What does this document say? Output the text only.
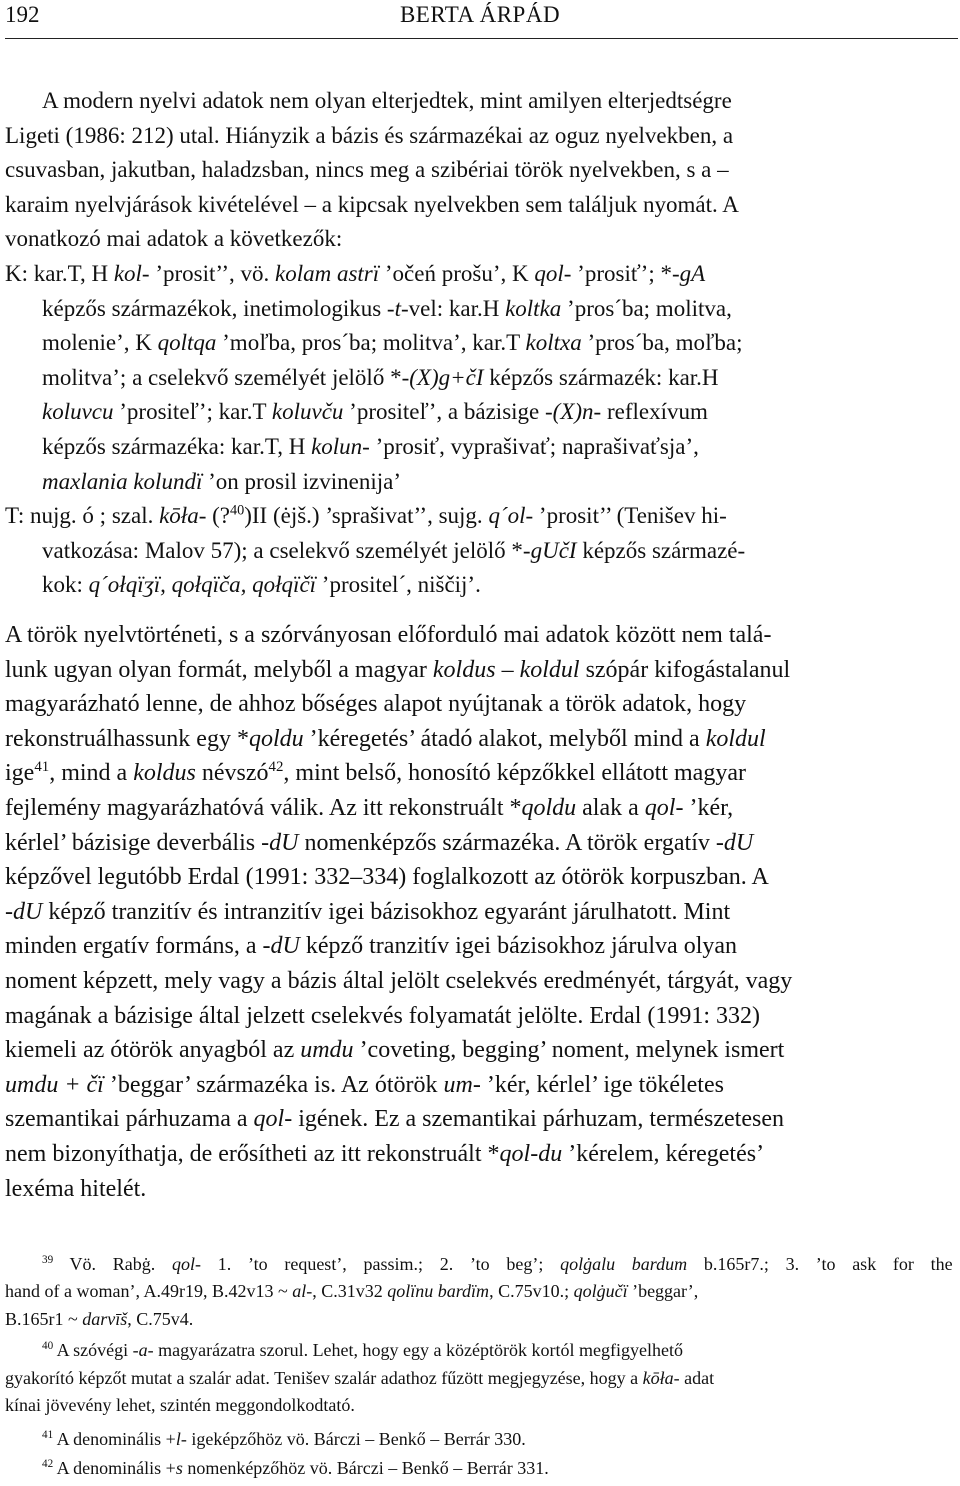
192	BERTA ÁRPÁD
A modern nyelvi adatok nem olyan elterjedtek, mint amilyen elterjedtségre
Ligeti (1986: 212) utal. Hiányzik a bázis és származékai az oguz nyelvekben, a
csuvasban, jakutban, haladzsban, nincs meg a szibériai török nyelvekben, s a –
karaim nyelvjárások kivételével – a kipcsak nyelvekben sem találjuk nyomát. A
vonatkozó mai adatok a következők:
K: kar.T, H kol- ’prosit’’, vö. kolam astrï ’očeń prošu’, K qol- ’prosiť’; *-gA
képzős származékok, inetimologikus -t-vel: kar.H koltka ’pros´ba; molitva,
molenie’, K qoltqa ’moľba, pros´ba; molitva’, kar.T koltxa ’pros´ba, moľba;
molitva’; a cselekvő személyét jelölő *-(X)g+čI képzős származék: kar.H
koluvcu ’prositeľ’; kar.T koluvču ’prositeľ’, a bázisige -(X)n- reflexívum
képzős származéka: kar.T, H kolun- ’prosiť, vyprašivať; naprašivaťsja’,
maxlania kolundï ’on prosil izvinenija’
T: nujg. ó ; szal. kōła- (?$^{40}$)II (ėjš.) ’sprašivat’’, sujg. q´ol- ’prosit’’ (Tenišev hi-
vatkozása: Malov 57); a cselekvő személyét jelölő *-gUčI képzős származé-
kok: q´ołqïʒï, qołqïča, qołqïčï ’prositel´, niščij’.
A török nyelvtörténeti, s a szórványosan előforduló mai adatok között nem talá-
lunk ugyan olyan formát, melyből a magyar koldus – koldul szópár kifogástalanul
magyarázható lenne, de ahhoz bőséges alapot nyújtanak a török adatok, hogy
rekonstruálhassunk egy *qoldu ’kéregetés’ átadó alakot, melyből mind a koldul
ige$^{41}$, mind a koldus névszó$^{42}$, mint belső, honosító képzőkkel ellátott magyar
fejlemény magyarázhatóvá válik. Az itt rekonstruált *qoldu alak a qol- ’kér,
kérlel’ bázisige deverbális -dU nomenképzős származéka. A török ergatív -dU
képzővel legutóbb Erdal (1991: 332–334) foglalkozott az ótörök korpuszban. A
-dU képző tranzitív és intranzitív igei bázisokhoz egyaránt járulhatott. Mint
minden ergatív formáns, a -dU képző tranzitív igei bázisokhoz járulva olyan
noment képzett, mely vagy a bázis által jelölt cselekvés eredményét, tárgyát, vagy
magának a bázisige által jelzett cselekvés folyamatát jelölte. Erdal (1991: 332)
kiemeli az ótörök anyagból az umdu ’coveting, begging’ noment, melynek ismert
umdu + čï ’beggar’ származéka is. Az ótörök um- ’kér, kérlel’ ige tökéletes
szemantikai párhuzama a qol- igének. Ez a szemantikai párhuzam, természetesen
nem bizonyíthatja, de erősítheti az itt rekonstruált *qol-du ’kérelem, kéregetés’
lexéma hitelét.
$^{39}$ Vö. Rabġ. qol- 1. ’to request’, passim.; 2. ’to beg’; qolġalu bardum b.165r7.; 3. ’to ask for the
hand of a woman’, A.49r19, B.42v13 ~ al-, C.31v32 qolïnu bardïm, C.75v10.; qolġučï ’beggar’,
B.165r1 ~ darvīš, C.75v4.
$^{40}$ A szóvégi -a- magyarázatra szorul. Lehet, hogy egy a középtörök kortól megfigyelhető
gyakorító képzőt mutat a szalár adat. Tenišev szalár adathoz fűzött megjegyzése, hogy a kōła- adat
kínai jövevény lehet, szintén meggondolkodtató.
$^{41}$ A denominális +l- igeképzőhöz vö. Bárczi – Benkő – Berrár 330.
$^{42}$ A denominális +s nomenképzőhöz vö. Bárczi – Benkő – Berrár 331.
